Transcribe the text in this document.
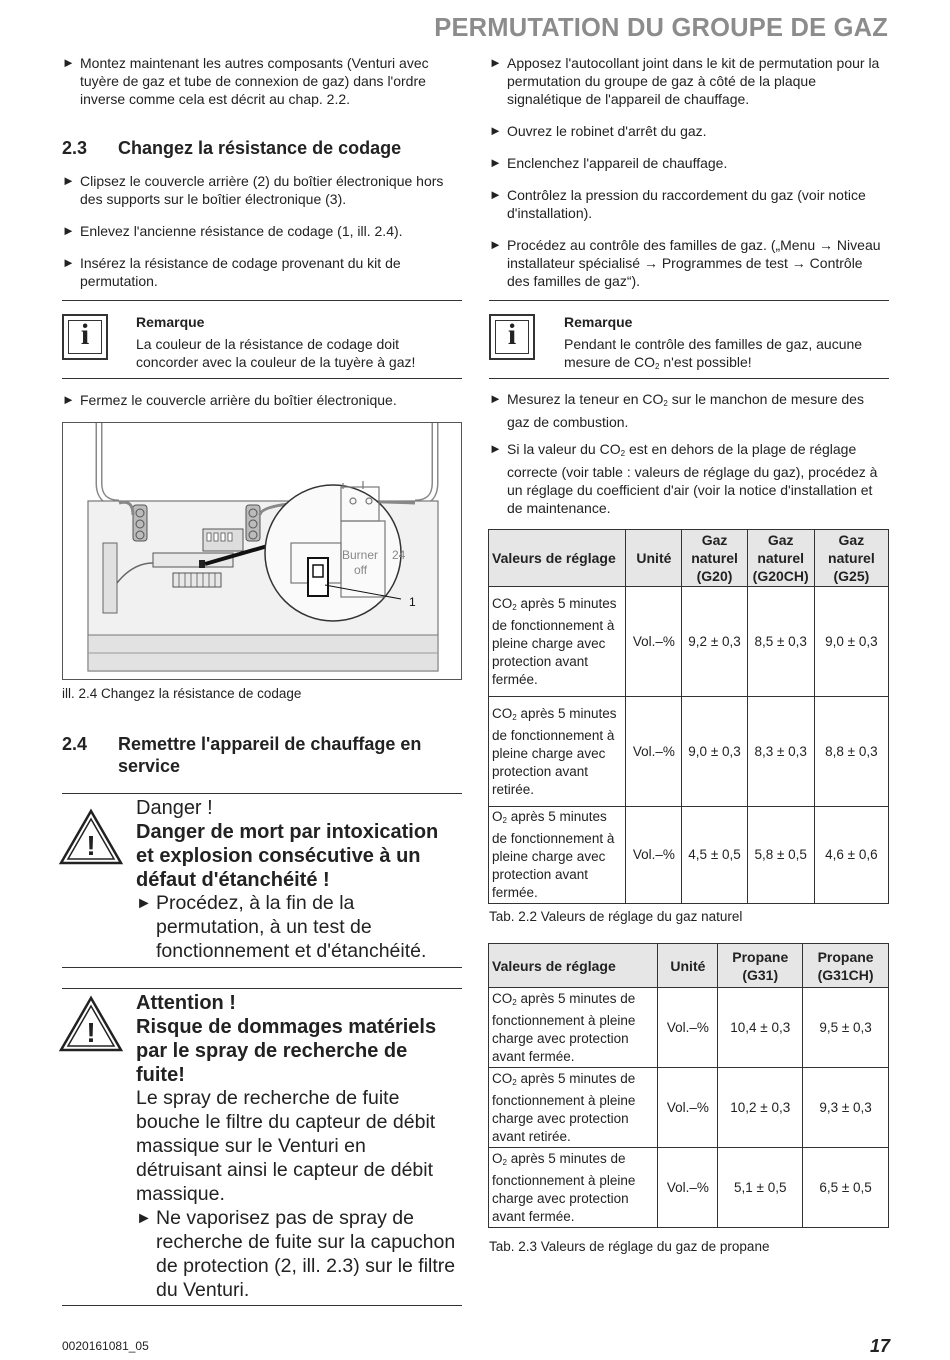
PERMUTATION DU GROUPE DE GAZ
► Montez maintenant les autres composants (Venturi avec tuyère de gaz et tube de connexion de gaz) dans l'ordre inverse comme cela est décrit au chap. 2.2.
2.3 Changez la résistance de codage
► Clipsez le couvercle arrière (2) du boîtier électronique hors des supports sur le boîtier électronique (3).
► Enlevez l'ancienne résistance de codage (1, ill. 2.4).
► Insérez la résistance de codage provenant du kit de permutation.
i	Remarque
La couleur de la résistance de codage doit concorder avec la couleur de la tuyère à gaz!
► Fermez le couvercle arrière du boîtier électronique.
Burner 24
off
1
ill. 2.4 Changez la résistance de codage
2.4 Remettre l'appareil de chauffage en service
!
Danger !
Danger de mort par intoxication et explosion consécutive à un défaut d'étanchéité !
► Procédez, à la fin de la permutation, à un test de fonctionnement et d'étanchéité.
!
Attention !
Risque de dommages matériels par le spray de recherche de fuite!
Le spray de recherche de fuite bouche le filtre du capteur de débit massique sur le Venturi en détruisant ainsi le capteur de débit massique.
► Ne vaporisez pas de spray de recherche de fuite sur la capuchon de protection (2, ill. 2.3) sur le filtre du Venturi.
► Apposez l'autocollant joint dans le kit de permutation pour la permutation du groupe de gaz à côté de la plaque signalétique de l'appareil de chauffage.
► Ouvrez le robinet d'arrêt du gaz.
► Enclenchez l'appareil de chauffage.
► Contrôlez la pression du raccordement du gaz (voir notice d'installation).
► Procédez au contrôle des familles de gaz. („Menu → Niveau installateur spécialisé → Programmes de test → Contrôle des familles de gaz“).
i	Remarque
Pendant le contrôle des familles de gaz, aucune mesure de $CO_2$ n'est possible!
► Mesurez la teneur en $CO_2$ sur le manchon de mesure des gaz de combustion.
► Si la valeur du $CO_2$ est en dehors de la plage de réglage correcte (voir table : valeurs de réglage du gaz), procédez à un réglage du coefficient d'air (voir la notice d'installation et de maintenance.
Valeurs de réglage	Unité	Gaz naturel (G20)	Gaz naturel (G20CH)	Gaz naturel (G25)
$CO_2$ après 5 minutes de fonctionnement à pleine charge avec protection avant fermée.	Vol.–%	9,2 ± 0,3	8,5 ± 0,3	9,0 ± 0,3
$CO_2$ après 5 minutes de fonctionnement à pleine charge avec protection avant retirée.	Vol.–%	9,0 ± 0,3	8,3 ± 0,3	8,8 ± 0,3
$O_2$ après 5 minutes de fonctionnement à pleine charge avec protection avant fermée.	Vol.–%	4,5 ± 0,5	5,8 ± 0,5	4,6 ± 0,6
Tab. 2.2 Valeurs de réglage du gaz naturel
Valeurs de réglage	Unité	Propane (G31)	Propane (G31CH)
$CO_2$ après 5 minutes de fonctionnement à pleine charge avec protection avant fermée.	Vol.–%	10,4 ± 0,3	9,5 ± 0,3
$CO_2$ après 5 minutes de fonctionnement à pleine charge avec protection avant retirée.	Vol.–%	10,2 ± 0,3	9,3 ± 0,3
$O_2$ après 5 minutes de fonctionnement à pleine charge avec protection avant fermée.	Vol.–%	5,1 ± 0,5	6,5 ± 0,5
Tab. 2.3 Valeurs de réglage du gaz de propane
0020161081_05	17
